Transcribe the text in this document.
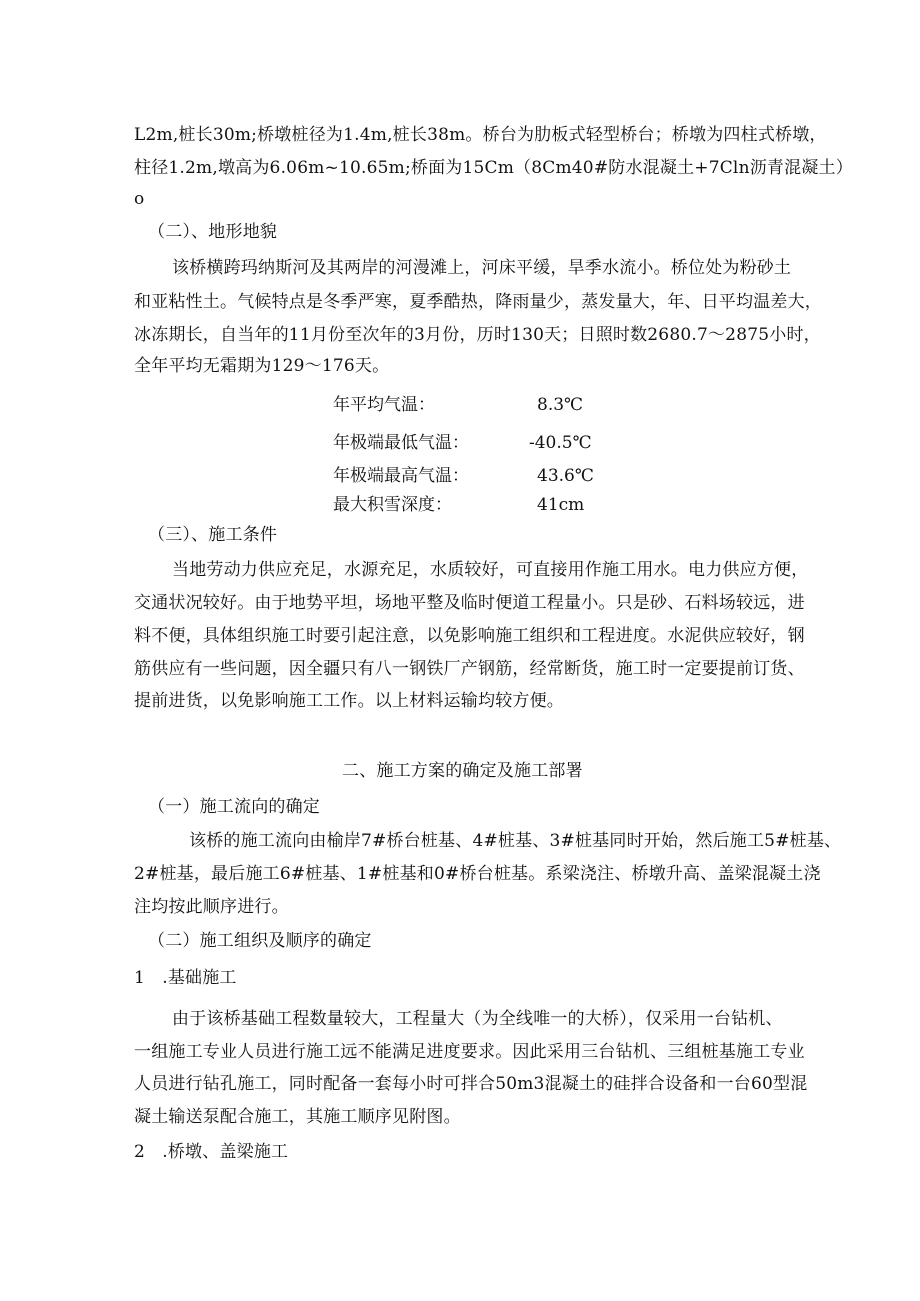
L2m,桩长30m;桥墩桩径为1.4m,桩长38m。桥台为肋板式轻型桥台；桥墩为四柱式桥墩，
柱径1.2m,墩高为6.06m~10.65m;桥面为15Cm（8Cm40#防水混凝土+7Cln沥青混凝土）
o
（二）、地形地貌
该桥横跨玛纳斯河及其两岸的河漫滩上，河床平缓，旱季水流小。桥位处为粉砂土
和亚粘性土。气候特点是冬季严寒，夏季酷热，降雨量少，蒸发量大，年、日平均温差大，
冰冻期长，自当年的11月份至次年的3月份，历时130天；日照时数2680.7～2875小时，
全年平均无霜期为129～176天。
年平均气温：	8.3℃
年极端最低气温：	-40.5℃
年极端最高气温：	43.6℃
最大积雪深度：	41cm
（三）、施工条件
当地劳动力供应充足，水源充足，水质较好，可直接用作施工用水。电力供应方便，
交通状况较好。由于地势平坦，场地平整及临时便道工程量小。只是砂、石料场较远，进
料不便，具体组织施工时要引起注意，以免影响施工组织和工程进度。水泥供应较好，钢
筋供应有一些问题，因全疆只有八一钢铁厂产钢筋，经常断货，施工时一定要提前订货、
提前进货，以免影响施工工作。以上材料运输均较方便。
二、施工方案的确定及施工部署
（一）施工流向的确定
该桥的施工流向由榆岸7#桥台桩基、4#桩基、3#桩基同时开始，然后施工5#桩基、
2#桩基，最后施工6#桩基、1#桩基和0#桥台桩基。系梁浇注、桥墩升高、盖梁混凝土浇
注均按此顺序进行。
（二）施工组织及顺序的确定
1　.基础施工
由于该桥基础工程数量较大，工程量大（为全线唯一的大桥），仅采用一台钻机、
一组施工专业人员进行施工远不能满足进度要求。因此采用三台钻机、三组桩基施工专业
人员进行钻孔施工，同时配备一套每小时可拌合50m3混凝土的硅拌合设备和一台60型混
凝土输送泵配合施工，其施工顺序见附图。
2　.桥墩、盖梁施工
